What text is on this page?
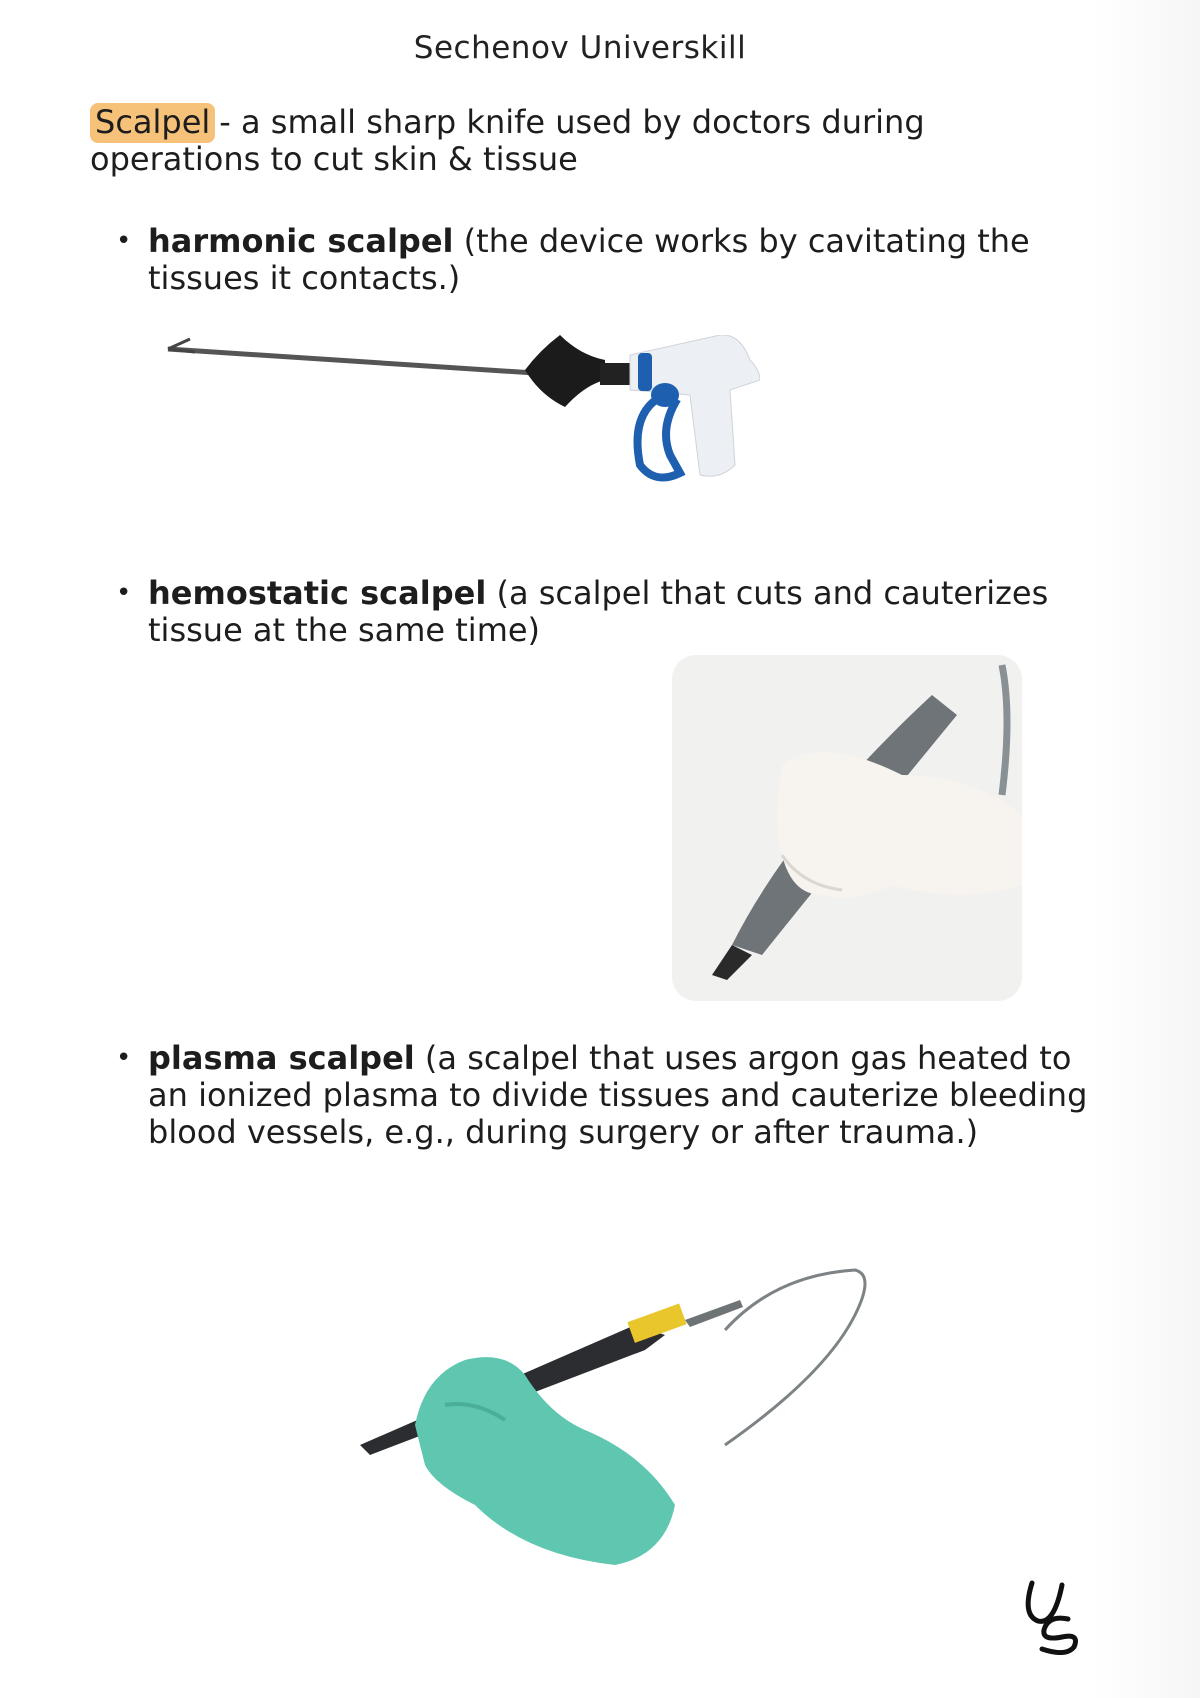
Sechenov Universkill
Scalpel - a small sharp knife used by doctors during operations to cut skin & tissue
• harmonic scalpel (the device works by cavitating the tissues it contacts.)
• hemostatic scalpel (a scalpel that cuts and cauterizes tissue at the same time)
• plasma scalpel (a scalpel that uses argon gas heated to an ionized plasma to divide tissues and cauterize bleeding blood vessels, e.g., during surgery or after trauma.)
